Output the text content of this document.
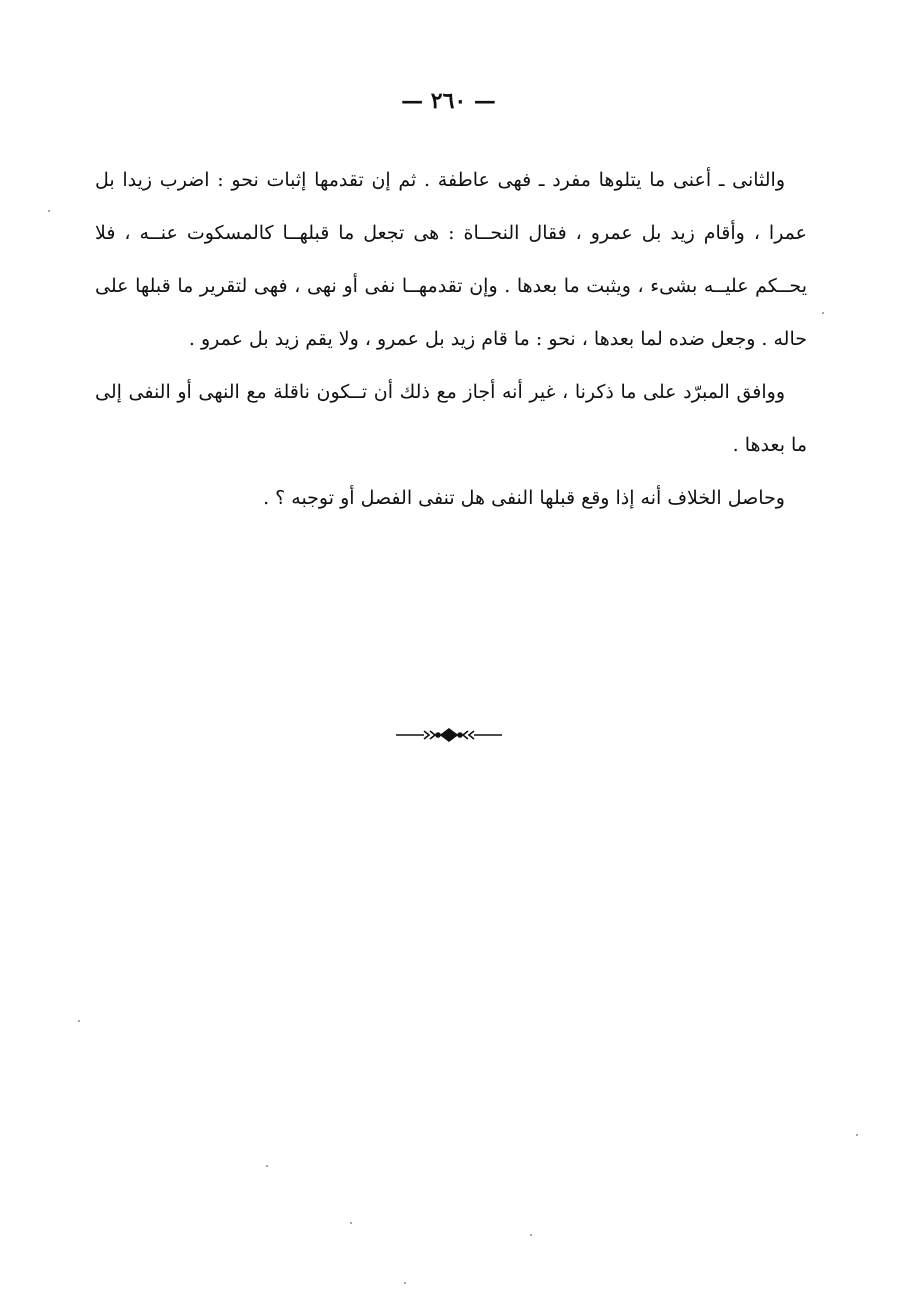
— ٢٦٠ —

والثانى ـ أعنى ما يتلوها مفرد ـ فهى عاطفة . ثم إن تقدمها إثبات نحو : اضرب زيدا بل عمرا ، وأقام زيد بل عمرو ، فقال النحــاة : هى تجعل ما قبلهــا كالمسكوت عنــه ، فلا يحــكم عليــه بشىء ، ويثبت ما بعدها . وإن تقدمهــا نفى أو نهى ، فهى لتقرير ما قبلها على حاله . وجعل ضده لما بعدها ، نحو : ما قام زيد بل عمرو ، ولا يقم زيد بل عمرو .

ووافق المبرّد على ما ذكرنا ، غير أنه أجاز مع ذلك أن تــكون ناقلة مع النهى أو النفى إلى ما بعدها .

وحاصل الخلاف أنه إذا وقع قبلها النفى هل تنفى الفصل أو توجبه ؟ .
